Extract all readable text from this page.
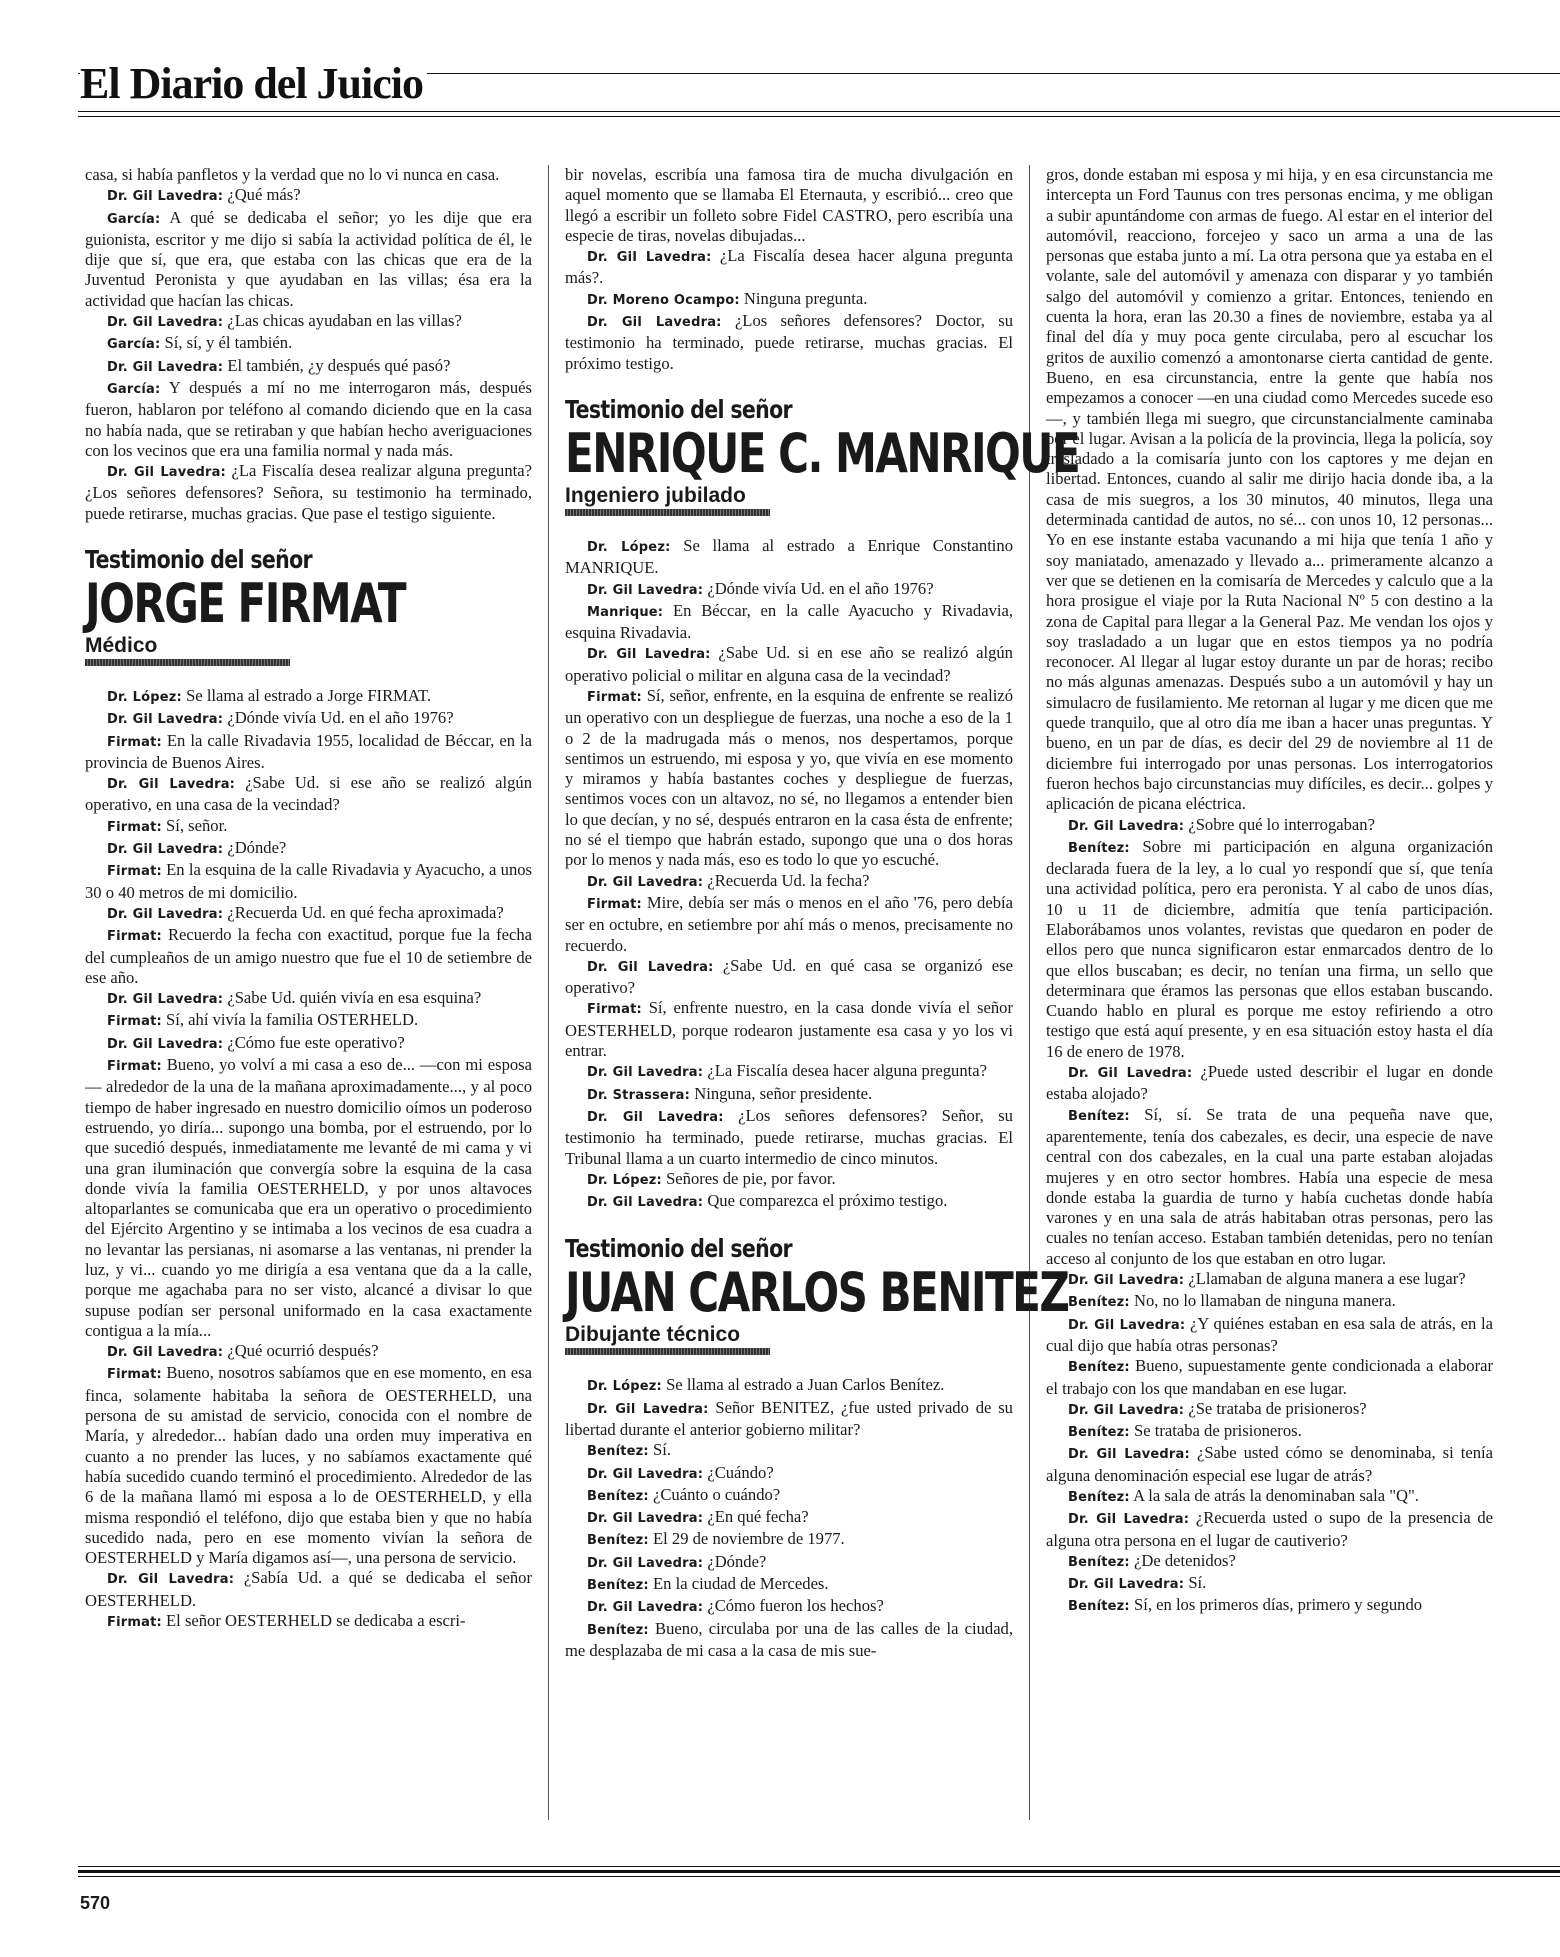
El Diario del Juicio

casa, si había panfletos y la verdad que no lo vi nunca en casa.

Dr. Gil Lavedra: ¿Qué más?

García: A qué se dedicaba el señor; yo les dije que era guionista, escritor y me dijo si sabía la actividad política de él, le dije que sí, que era, que estaba con las chicas que era de la Juventud Peronista y que ayudaban en las villas; ésa era la actividad que hacían las chicas.

Dr. Gil Lavedra: ¿Las chicas ayudaban en las villas?

García: Sí, sí, y él también.

Dr. Gil Lavedra: El también, ¿y después qué pasó?

García: Y después a mí no me interrogaron más, después fueron, hablaron por teléfono al comando diciendo que en la casa no había nada, que se retiraban y que habían hecho averiguaciones con los vecinos que era una familia normal y nada más.

Dr. Gil Lavedra: ¿La Fiscalía desea realizar alguna pregunta? ¿Los señores defensores? Señora, su testimonio ha terminado, puede retirarse, muchas gracias. Que pase el testigo siguiente.

Testimonio del señor
JORGE FIRMAT
Médico

Dr. López: Se llama al estrado a Jorge FIRMAT.

Dr. Gil Lavedra: ¿Dónde vivía Ud. en el año 1976?

Firmat: En la calle Rivadavia 1955, localidad de Béccar, en la provincia de Buenos Aires.

Dr. Gil Lavedra: ¿Sabe Ud. si ese año se realizó algún operativo, en una casa de la vecindad?

Firmat: Sí, señor.

Dr. Gil Lavedra: ¿Dónde?

Firmat: En la esquina de la calle Rivadavia y Ayacucho, a unos 30 o 40 metros de mi domicilio.

Dr. Gil Lavedra: ¿Recuerda Ud. en qué fecha aproximada?

Firmat: Recuerdo la fecha con exactitud, porque fue la fecha del cumpleaños de un amigo nuestro que fue el 10 de setiembre de ese año.

Dr. Gil Lavedra: ¿Sabe Ud. quién vivía en esa esquina?

Firmat: Sí, ahí vivía la familia OSTERHELD.

Dr. Gil Lavedra: ¿Cómo fue este operativo?

Firmat: Bueno, yo volví a mi casa a eso de... —con mi esposa— alrededor de la una de la mañana aproximadamente..., y al poco tiempo de haber ingresado en nuestro domicilio oímos un poderoso estruendo, yo diría... supongo una bomba, por el estruendo, por lo que sucedió después, inmediatamente me levanté de mi cama y vi una gran iluminación que convergía sobre la esquina de la casa donde vivía la familia OESTERHELD, y por unos altavoces altoparlantes se comunicaba que era un operativo o procedimiento del Ejército Argentino y se intimaba a los vecinos de esa cuadra a no levantar las persianas, ni asomarse a las ventanas, ni prender la luz, y vi... cuando yo me dirigía a esa ventana que da a la calle, porque me agachaba para no ser visto, alcancé a divisar lo que supuse podían ser personal uniformado en la casa exactamente contigua a la mía...

Dr. Gil Lavedra: ¿Qué ocurrió después?

Firmat: Bueno, nosotros sabíamos que en ese momento, en esa finca, solamente habitaba la señora de OESTERHELD, una persona de su amistad de servicio, conocida con el nombre de María, y alrededor... habían dado una orden muy imperativa en cuanto a no prender las luces, y no sabíamos exactamente qué había sucedido cuando terminó el procedimiento. Alrededor de las 6 de la mañana llamó mi esposa a lo de OESTERHELD, y ella misma respondió el teléfono, dijo que estaba bien y que no había sucedido nada, pero en ese momento vivían la señora de OESTERHELD y María digamos así—, una persona de servicio.

Dr. Gil Lavedra: ¿Sabía Ud. a qué se dedicaba el señor OESTERHELD.

Firmat: El señor OESTERHELD se dedicaba a escri-

bir novelas, escribía una famosa tira de mucha divulgación en aquel momento que se llamaba El Eternauta, y escribió... creo que llegó a escribir un folleto sobre Fidel CASTRO, pero escribía una especie de tiras, novelas dibujadas...

Dr. Gil Lavedra: ¿La Fiscalía desea hacer alguna pregunta más?.

Dr. Moreno Ocampo: Ninguna pregunta.

Dr. Gil Lavedra: ¿Los señores defensores? Doctor, su testimonio ha terminado, puede retirarse, muchas gracias. El próximo testigo.

Testimonio del señor
ENRIQUE C. MANRIQUE
Ingeniero jubilado

Dr. López: Se llama al estrado a Enrique Constantino MANRIQUE.

Dr. Gil Lavedra: ¿Dónde vivía Ud. en el año 1976?

Manrique: En Béccar, en la calle Ayacucho y Rivadavia, esquina Rivadavia.

Dr. Gil Lavedra: ¿Sabe Ud. si en ese año se realizó algún operativo policial o militar en alguna casa de la vecindad?

Firmat: Sí, señor, enfrente, en la esquina de enfrente se realizó un operativo con un despliegue de fuerzas, una noche a eso de la 1 o 2 de la madrugada más o menos, nos despertamos, porque sentimos un estruendo, mi esposa y yo, que vivía en ese momento y miramos y había bastantes coches y despliegue de fuerzas, sentimos voces con un altavoz, no sé, no llegamos a entender bien lo que decían, y no sé, después entraron en la casa ésta de enfrente; no sé el tiempo que habrán estado, supongo que una o dos horas por lo menos y nada más, eso es todo lo que yo escuché.

Dr. Gil Lavedra: ¿Recuerda Ud. la fecha?

Firmat: Mire, debía ser más o menos en el año '76, pero debía ser en octubre, en setiembre por ahí más o menos, precisamente no recuerdo.

Dr. Gil Lavedra: ¿Sabe Ud. en qué casa se organizó ese operativo?

Firmat: Sí, enfrente nuestro, en la casa donde vivía el señor OESTERHELD, porque rodearon justamente esa casa y yo los vi entrar.

Dr. Gil Lavedra: ¿La Fiscalía desea hacer alguna pregunta?

Dr. Strassera: Ninguna, señor presidente.

Dr. Gil Lavedra: ¿Los señores defensores? Señor, su testimonio ha terminado, puede retirarse, muchas gracias. El Tribunal llama a un cuarto intermedio de cinco minutos.

Dr. López: Señores de pie, por favor.

Dr. Gil Lavedra: Que comparezca el próximo testigo.

Testimonio del señor
JUAN CARLOS BENITEZ
Dibujante técnico

Dr. López: Se llama al estrado a Juan Carlos Benítez.

Dr. Gil Lavedra: Señor BENITEZ, ¿fue usted privado de su libertad durante el anterior gobierno militar?

Benítez: Sí.

Dr. Gil Lavedra: ¿Cuándo?

Benítez: ¿Cuánto o cuándo?

Dr. Gil Lavedra: ¿En qué fecha?

Benítez: El 29 de noviembre de 1977.

Dr. Gil Lavedra: ¿Dónde?

Benítez: En la ciudad de Mercedes.

Dr. Gil Lavedra: ¿Cómo fueron los hechos?

Benítez: Bueno, circulaba por una de las calles de la ciudad, me desplazaba de mi casa a la casa de mis sue-

gros, donde estaban mi esposa y mi hija, y en esa circunstancia me intercepta un Ford Taunus con tres personas encima, y me obligan a subir apuntándome con armas de fuego. Al estar en el interior del automóvil, reacciono, forcejeo y saco un arma a una de las personas que estaba junto a mí. La otra persona que ya estaba en el volante, sale del automóvil y amenaza con disparar y yo también salgo del automóvil y comienzo a gritar. Entonces, teniendo en cuenta la hora, eran las 20.30 a fines de noviembre, estaba ya al final del día y muy poca gente circulaba, pero al escuchar los gritos de auxilio comenzó a amontonarse cierta cantidad de gente. Bueno, en esa circunstancia, entre la gente que había nos empezamos a conocer —en una ciudad como Mercedes sucede eso—, y también llega mi suegro, que circunstancialmente caminaba por el lugar. Avisan a la policía de la provincia, llega la policía, soy trasladado a la comisaría junto con los captores y me dejan en libertad. Entonces, cuando al salir me dirijo hacia donde iba, a la casa de mis suegros, a los 30 minutos, 40 minutos, llega una determinada cantidad de autos, no sé... con unos 10, 12 personas... Yo en ese instante estaba vacunando a mi hija que tenía 1 año y soy maniatado, amenazado y llevado a... primeramente alcanzo a ver que se detienen en la comisaría de Mercedes y calculo que a la hora prosigue el viaje por la Ruta Nacional Nº 5 con destino a la zona de Capital para llegar a la General Paz. Me vendan los ojos y soy trasladado a un lugar que en estos tiempos ya no podría reconocer. Al llegar al lugar estoy durante un par de horas; recibo no más algunas amenazas. Después subo a un automóvil y hay un simulacro de fusilamiento. Me retornan al lugar y me dicen que me quede tranquilo, que al otro día me iban a hacer unas preguntas. Y bueno, en un par de días, es decir del 29 de noviembre al 11 de diciembre fui interrogado por unas personas. Los interrogatorios fueron hechos bajo circunstancias muy difíciles, es decir... golpes y aplicación de picana eléctrica.

Dr. Gil Lavedra: ¿Sobre qué lo interrogaban?

Benítez: Sobre mi participación en alguna organización declarada fuera de la ley, a lo cual yo respondí que sí, que tenía una actividad política, pero era peronista. Y al cabo de unos días, 10 u 11 de diciembre, admitía que tenía participación. Elaborábamos unos volantes, revistas que quedaron en poder de ellos pero que nunca significaron estar enmarcados dentro de lo que ellos buscaban; es decir, no tenían una firma, un sello que determinara que éramos las personas que ellos estaban buscando. Cuando hablo en plural es porque me estoy refiriendo a otro testigo que está aquí presente, y en esa situación estoy hasta el día 16 de enero de 1978.

Dr. Gil Lavedra: ¿Puede usted describir el lugar en donde estaba alojado?

Benítez: Sí, sí. Se trata de una pequeña nave que, aparentemente, tenía dos cabezales, es decir, una especie de nave central con dos cabezales, en la cual una parte estaban alojadas mujeres y en otro sector hombres. Había una especie de mesa donde estaba la guardia de turno y había cuchetas donde había varones y en una sala de atrás habitaban otras personas, pero las cuales no tenían acceso. Estaban también detenidas, pero no tenían acceso al conjunto de los que estaban en otro lugar.

Dr. Gil Lavedra: ¿Llamaban de alguna manera a ese lugar?

Benítez: No, no lo llamaban de ninguna manera.

Dr. Gil Lavedra: ¿Y quiénes estaban en esa sala de atrás, en la cual dijo que había otras personas?

Benítez: Bueno, supuestamente gente condicionada a elaborar el trabajo con los que mandaban en ese lugar.

Dr. Gil Lavedra: ¿Se trataba de prisioneros?

Benítez: Se trataba de prisioneros.

Dr. Gil Lavedra: ¿Sabe usted cómo se denominaba, si tenía alguna denominación especial ese lugar de atrás?

Benítez: A la sala de atrás la denominaban sala "Q".

Dr. Gil Lavedra: ¿Recuerda usted o supo de la presencia de alguna otra persona en el lugar de cautiverio?

Benítez: ¿De detenidos?

Dr. Gil Lavedra: Sí.

Benítez: Sí, en los primeros días, primero y segundo

570
